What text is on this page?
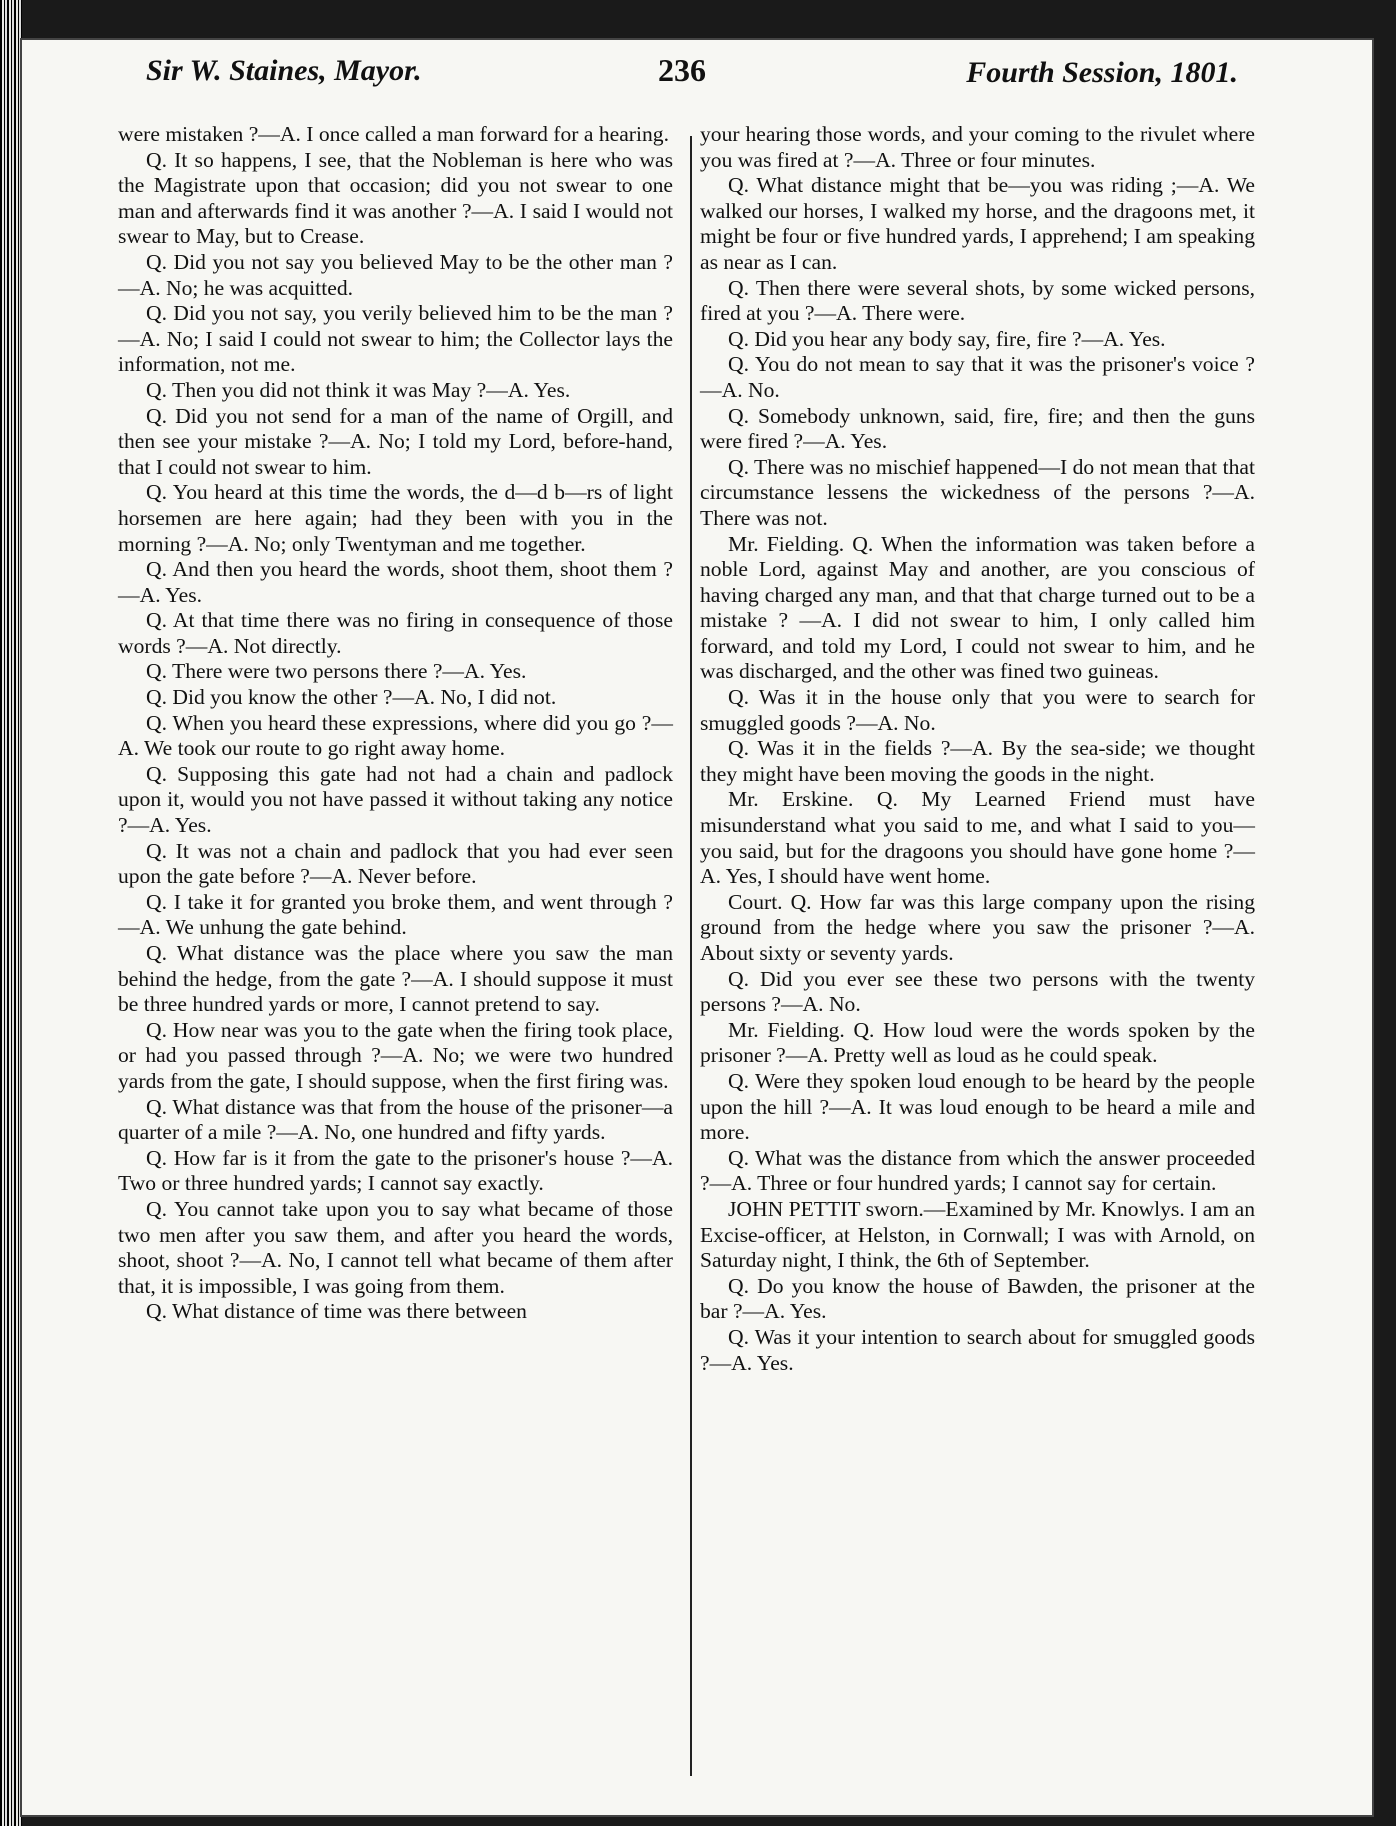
Sir W. Staines, Mayor.	236	Fourth Session, 1801.

were mistaken ?—A. I once called a man forward for a hearing.

Q. It so happens, I see, that the Nobleman is here who was the Magistrate upon that occasion; did you not swear to one man and afterwards find it was another ?—A. I said I would not swear to May, but to Crease.

Q. Did you not say you believed May to be the other man ?—A. No; he was acquitted.

Q. Did you not say, you verily believed him to be the man ?—A. No; I said I could not swear to him; the Collector lays the information, not me.

Q. Then you did not think it was May ?—A. Yes.

Q. Did you not send for a man of the name of Orgill, and then see your mistake ?—A. No; I told my Lord, before-hand, that I could not swear to him.

Q. You heard at this time the words, the d—d b—rs of light horsemen are here again; had they been with you in the morning ?—A. No; only Twentyman and me together.

Q. And then you heard the words, shoot them, shoot them ?—A. Yes.

Q. At that time there was no firing in consequence of those words ?—A. Not directly.

Q. There were two persons there ?—A. Yes.

Q. Did you know the other ?—A. No, I did not.

Q. When you heard these expressions, where did you go ?—A. We took our route to go right away home.

Q. Supposing this gate had not had a chain and padlock upon it, would you not have passed it without taking any notice ?—A. Yes.

Q. It was not a chain and padlock that you had ever seen upon the gate before ?—A. Never before.

Q. I take it for granted you broke them, and went through ?—A. We unhung the gate behind.

Q. What distance was the place where you saw the man behind the hedge, from the gate ?—A. I should suppose it must be three hundred yards or more, I cannot pretend to say.

Q. How near was you to the gate when the firing took place, or had you passed through ?—A. No; we were two hundred yards from the gate, I should suppose, when the first firing was.

Q. What distance was that from the house of the prisoner—a quarter of a mile ?—A. No, one hundred and fifty yards.

Q. How far is it from the gate to the prisoner's house ?—A. Two or three hundred yards; I cannot say exactly.

Q. You cannot take upon you to say what became of those two men after you saw them, and after you heard the words, shoot, shoot ?—A. No, I cannot tell what became of them after that, it is impossible, I was going from them.

Q. What distance of time was there between

your hearing those words, and your coming to the rivulet where you was fired at ?—A. Three or four minutes.

Q. What distance might that be—you was riding ;—A. We walked our horses, I walked my horse, and the dragoons met, it might be four or five hundred yards, I apprehend; I am speaking as near as I can.

Q. Then there were several shots, by some wicked persons, fired at you ?—A. There were.

Q. Did you hear any body say, fire, fire ?—A. Yes.

Q. You do not mean to say that it was the prisoner's voice ?—A. No.

Q. Somebody unknown, said, fire, fire; and then the guns were fired ?—A. Yes.

Q. There was no mischief happened—I do not mean that that circumstance lessens the wickedness of the persons ?—A. There was not.

Mr. Fielding. Q. When the information was taken before a noble Lord, against May and another, are you conscious of having charged any man, and that that charge turned out to be a mistake ? —A. I did not swear to him, I only called him forward, and told my Lord, I could not swear to him, and he was discharged, and the other was fined two guineas.

Q. Was it in the house only that you were to search for smuggled goods ?—A. No.

Q. Was it in the fields ?—A. By the sea-side; we thought they might have been moving the goods in the night.

Mr. Erskine. Q. My Learned Friend must have misunderstand what you said to me, and what I said to you—you said, but for the dragoons you should have gone home ?—A. Yes, I should have went home.

Court. Q. How far was this large company upon the rising ground from the hedge where you saw the prisoner ?—A. About sixty or seventy yards.

Q. Did you ever see these two persons with the twenty persons ?—A. No.

Mr. Fielding. Q. How loud were the words spoken by the prisoner ?—A. Pretty well as loud as he could speak.

Q. Were they spoken loud enough to be heard by the people upon the hill ?—A. It was loud enough to be heard a mile and more.

Q. What was the distance from which the answer proceeded ?—A. Three or four hundred yards; I cannot say for certain.

JOHN PETTIT sworn.—Examined by Mr. Knowlys. I am an Excise-officer, at Helston, in Cornwall; I was with Arnold, on Saturday night, I think, the 6th of September.

Q. Do you know the house of Bawden, the prisoner at the bar ?—A. Yes.

Q. Was it your intention to search about for smuggled goods ?—A. Yes.
